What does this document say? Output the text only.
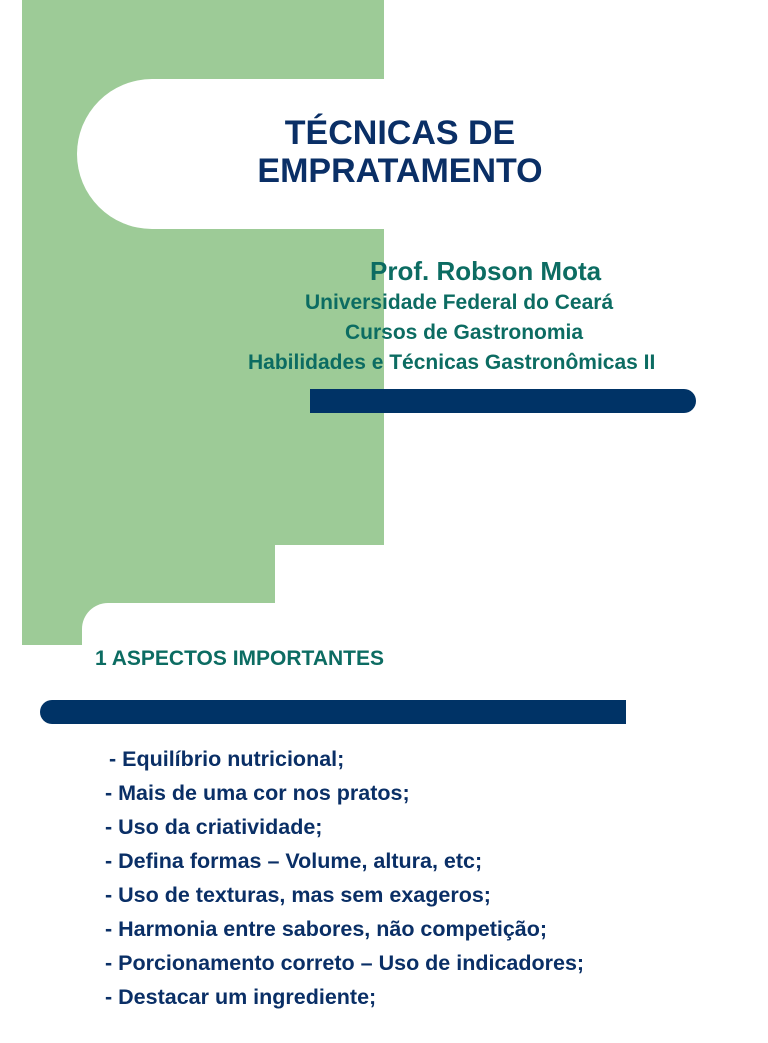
TÉCNICAS DE
EMPRATAMENTO
Prof. Robson Mota
Universidade Federal do Ceará
Cursos de Gastronomia
Habilidades e Técnicas Gastronômicas II
1 ASPECTOS IMPORTANTES
- Equilíbrio nutricional;
- Mais de uma cor nos pratos;
- Uso da criatividade;
- Defina formas – Volume, altura, etc;
- Uso de texturas, mas sem exageros;
- Harmonia entre sabores, não competição;
- Porcionamento correto – Uso de indicadores;
- Destacar um ingrediente;
